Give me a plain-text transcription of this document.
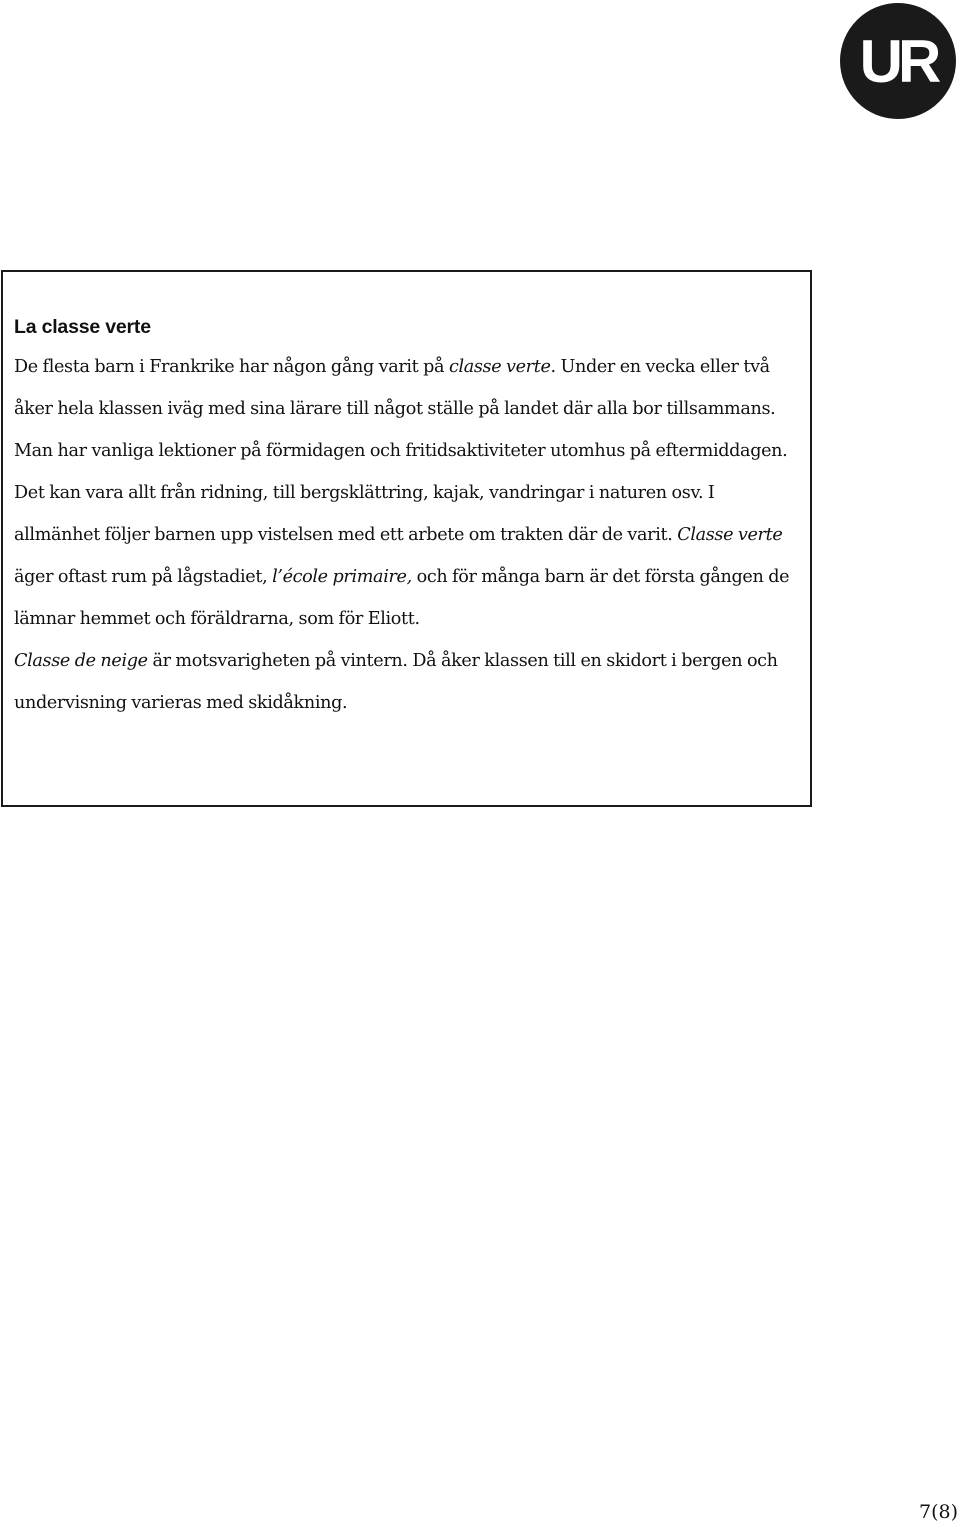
UR
La classe verte

De flesta barn i Frankrike har någon gång varit på classe verte. Under en vecka eller två åker hela klassen iväg med sina lärare till något ställe på landet där alla bor tillsammans. Man har vanliga lektioner på förmidagen och fritidsaktiviteter utomhus på eftermiddagen. Det kan vara allt från ridning, till bergsklättring, kajak, vandringar i naturen osv. I allmänhet följer barnen upp vistelsen med ett arbete om trakten där de varit. Classe verte äger oftast rum på lågstadiet, l’école primaire, och för många barn är det första gången de lämnar hemmet och föräldrarna, som för Eliott.

Classe de neige är motsvarigheten på vintern. Då åker klassen till en skidort i bergen och undervisning varieras med skidåkning.

7(8)
